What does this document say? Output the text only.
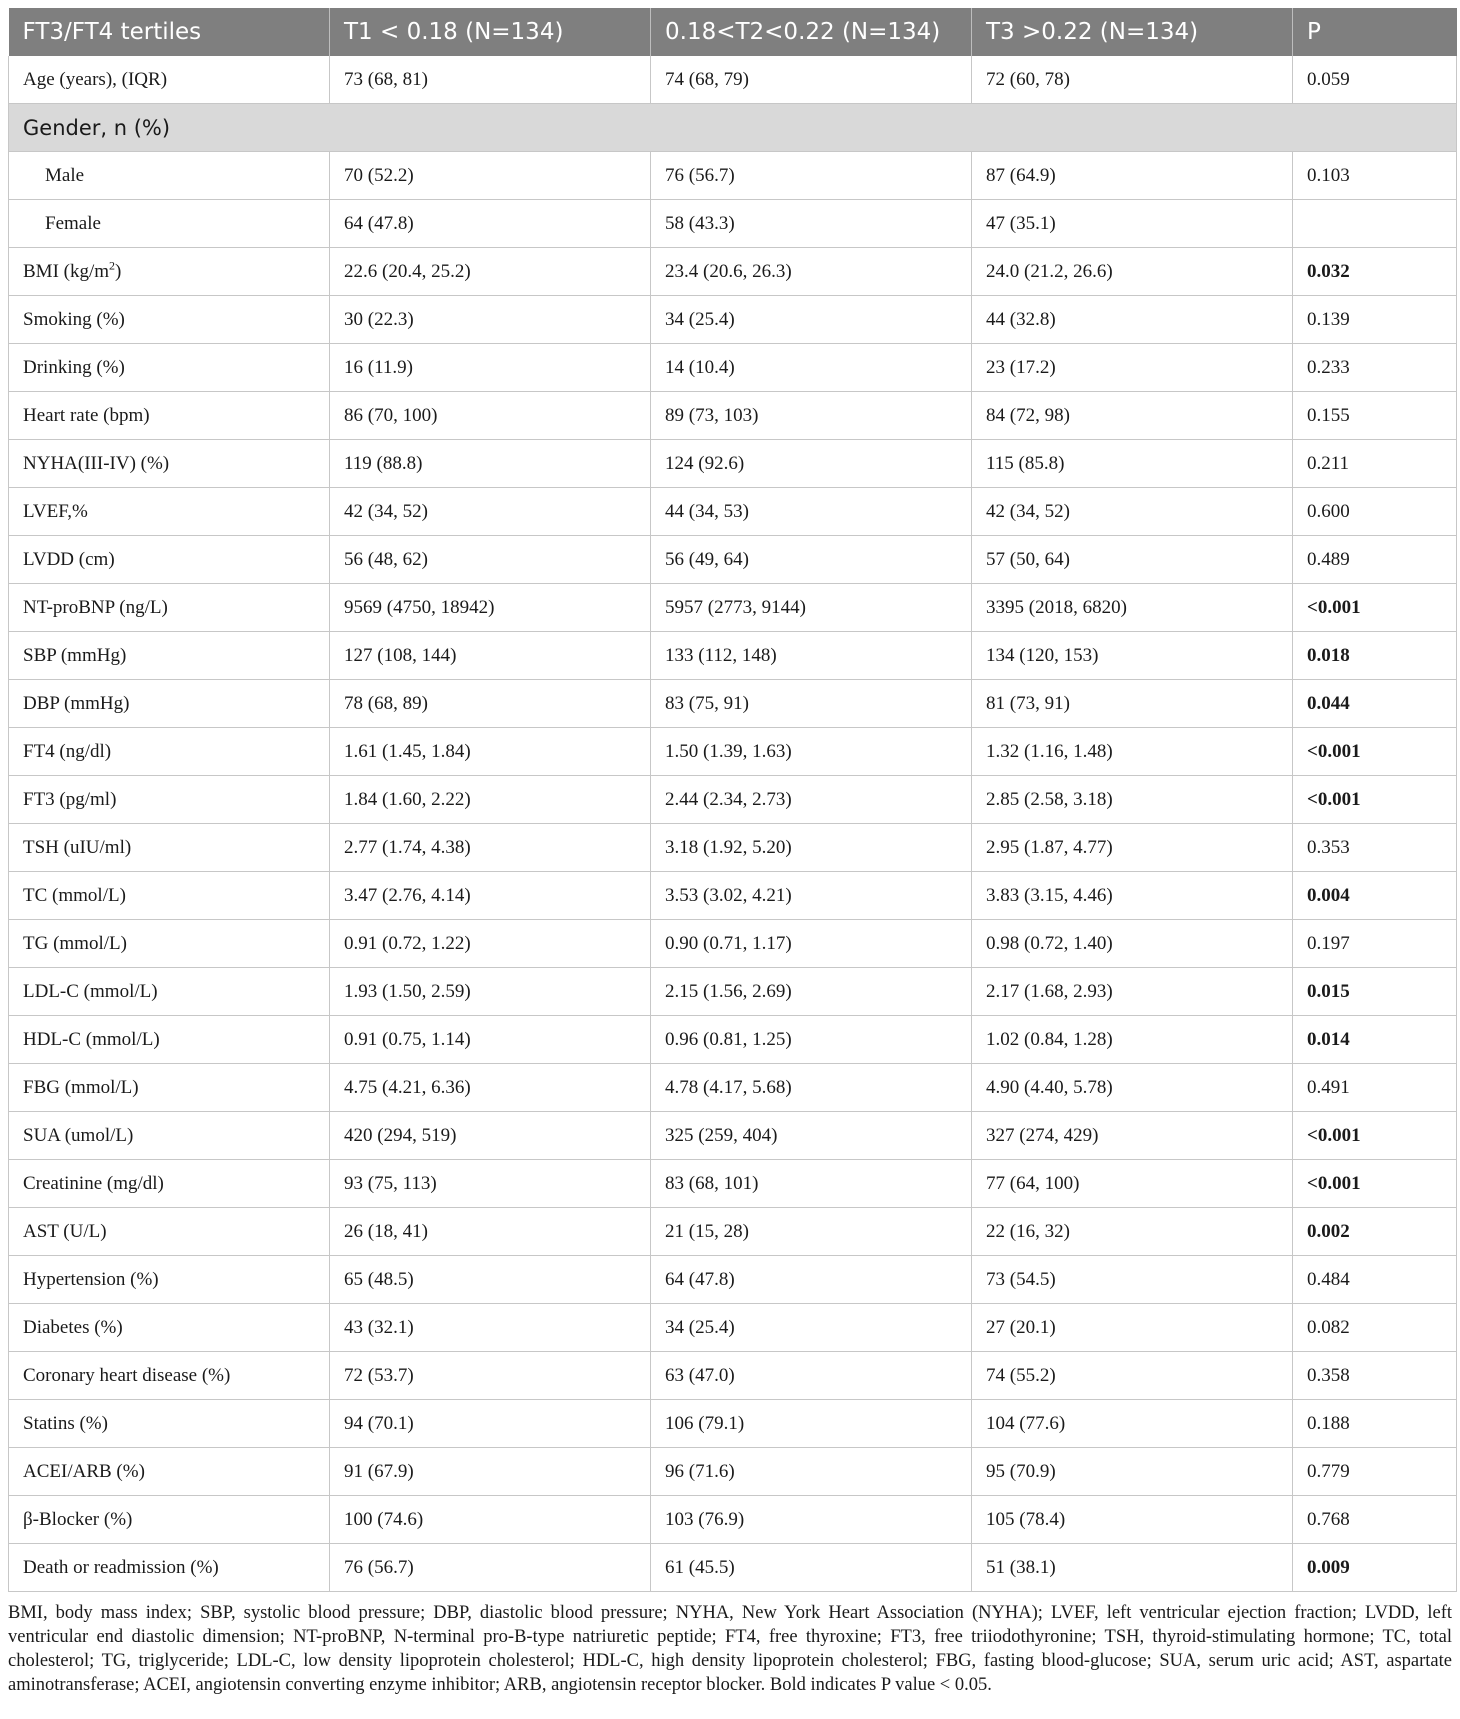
FT3/FT4 tertiles	T1 < 0.18 (N=134)	0.18<T2<0.22 (N=134)	T3 >0.22 (N=134)	P
Age (years), (IQR)	73 (68, 81)	74 (68, 79)	72 (60, 78)	0.059
Gender, n (%)				
Male	70 (52.2)	76 (56.7)	87 (64.9)	0.103
Female	64 (47.8)	58 (43.3)	47 (35.1)	
BMI $(kg/m^2)$	22.6 (20.4, 25.2)	23.4 (20.6, 26.3)	24.0 (21.2, 26.6)	0.032
Smoking (%)	30 (22.3)	34 (25.4)	44 (32.8)	0.139
Drinking (%)	16 (11.9)	14 (10.4)	23 (17.2)	0.233
Heart rate (bpm)	86 (70, 100)	89 (73, 103)	84 (72, 98)	0.155
NYHA(III-IV) (%)	119 (88.8)	124 (92.6)	115 (85.8)	0.211
LVEF,%	42 (34, 52)	44 (34, 53)	42 (34, 52)	0.600
LVDD (cm)	56 (48, 62)	56 (49, 64)	57 (50, 64)	0.489
NT-proBNP (ng/L)	9569 (4750, 18942)	5957 (2773, 9144)	3395 (2018, 6820)	<0.001
SBP (mmHg)	127 (108, 144)	133 (112, 148)	134 (120, 153)	0.018
DBP (mmHg)	78 (68, 89)	83 (75, 91)	81 (73, 91)	0.044
FT4 (ng/dl)	1.61 (1.45, 1.84)	1.50 (1.39, 1.63)	1.32 (1.16, 1.48)	<0.001
FT3 (pg/ml)	1.84 (1.60, 2.22)	2.44 (2.34, 2.73)	2.85 (2.58, 3.18)	<0.001
TSH (uIU/ml)	2.77 (1.74, 4.38)	3.18 (1.92, 5.20)	2.95 (1.87, 4.77)	0.353
TC (mmol/L)	3.47 (2.76, 4.14)	3.53 (3.02, 4.21)	3.83 (3.15, 4.46)	0.004
TG (mmol/L)	0.91 (0.72, 1.22)	0.90 (0.71, 1.17)	0.98 (0.72, 1.40)	0.197
LDL-C (mmol/L)	1.93 (1.50, 2.59)	2.15 (1.56, 2.69)	2.17 (1.68, 2.93)	0.015
HDL-C (mmol/L)	0.91 (0.75, 1.14)	0.96 (0.81, 1.25)	1.02 (0.84, 1.28)	0.014
FBG (mmol/L)	4.75 (4.21, 6.36)	4.78 (4.17, 5.68)	4.90 (4.40, 5.78)	0.491
SUA (umol/L)	420 (294, 519)	325 (259, 404)	327 (274, 429)	<0.001
Creatinine (mg/dl)	93 (75, 113)	83 (68, 101)	77 (64, 100)	<0.001
AST (U/L)	26 (18, 41)	21 (15, 28)	22 (16, 32)	0.002
Hypertension (%)	65 (48.5)	64 (47.8)	73 (54.5)	0.484
Diabetes (%)	43 (32.1)	34 (25.4)	27 (20.1)	0.082
Coronary heart disease (%)	72 (53.7)	63 (47.0)	74 (55.2)	0.358
Statins (%)	94 (70.1)	106 (79.1)	104 (77.6)	0.188
ACEI/ARB (%)	91 (67.9)	96 (71.6)	95 (70.9)	0.779
β-Blocker (%)	100 (74.6)	103 (76.9)	105 (78.4)	0.768
Death or readmission (%)	76 (56.7)	61 (45.5)	51 (38.1)	0.009
BMI, body mass index; SBP, systolic blood pressure; DBP, diastolic blood pressure; NYHA, New York Heart Association (NYHA); LVEF, left ventricular ejection fraction; LVDD, left ventricular end diastolic dimension; NT-proBNP, N-terminal pro-B-type natriuretic peptide; FT4, free thyroxine; FT3, free triiodothyronine; TSH, thyroid-stimulating hormone; TC, total cholesterol; TG, triglyceride; LDL-C, low density lipoprotein cholesterol; HDL-C, high density lipoprotein cholesterol; FBG, fasting blood-glucose; SUA, serum uric acid; AST, aspartate aminotransferase; ACEI, angiotensin converting enzyme inhibitor; ARB, angiotensin receptor blocker. Bold indicates P value < 0.05.
